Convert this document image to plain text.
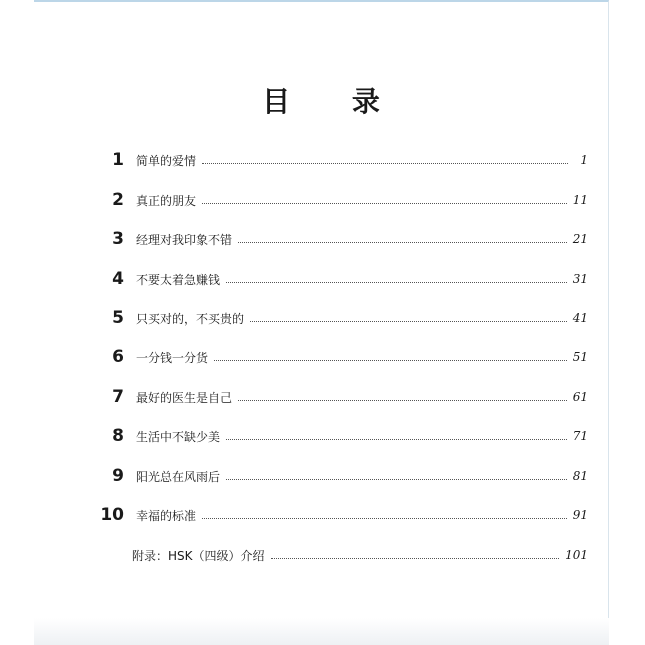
目 录
1 简单的爱情	1
2 真正的朋友	11
3 经理对我印象不错	21
4 不要太着急赚钱	31
5 只买对的，不买贵的	41
6 一分钱一分货	51
7 最好的医生是自己	61
8 生活中不缺少美	71
9 阳光总在风雨后	81
10 幸福的标准	91
附录：HSK（四级）介绍	101
